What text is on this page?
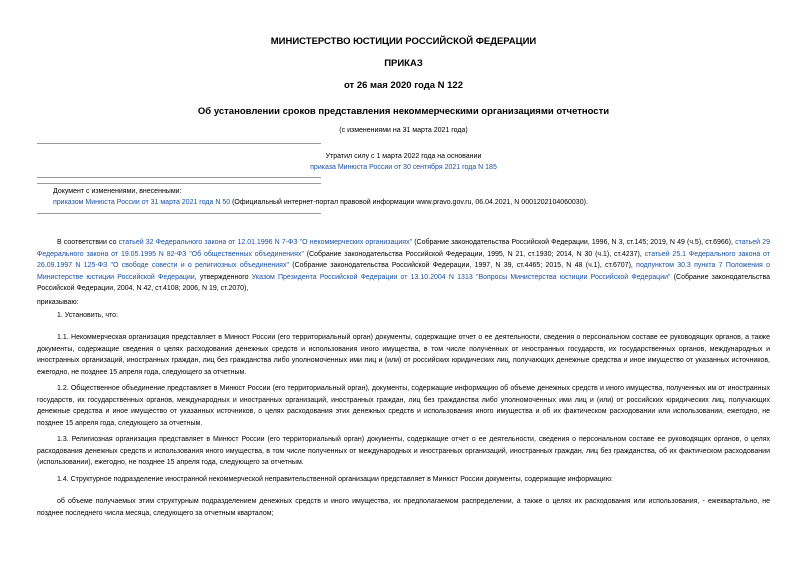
МИНИСТЕРСТВО ЮСТИЦИИ РОССИЙСКОЙ ФЕДЕРАЦИИ
ПРИКАЗ
от 26 мая 2020 года N 122
Об установлении сроков представления некоммерческими организациями отчетности
(с изменениями на 31 марта 2021 года)
Утратил силу с 1 марта 2022 года на основании
приказа Минюста России от 30 сентября 2021 года N 185
Документ с изменениями, внесенными:
приказом Минюста России от 31 марта 2021 года N 50 (Официальный интернет-портал правовой информации www.pravo.gov.ru, 06.04.2021, N 0001202104060030).
В соответствии со статьей 32 Федерального закона от 12.01.1996 N 7-ФЗ "О некоммерческих организациях" (Собрание законодательства Российской Федерации, 1996, N 3, ст.145; 2019, N 49 (ч.5), ст.6966), статьей 29 Федерального закона от 19.05.1995 N 82-ФЗ "Об общественных объединениях" (Собрание законодательства Российской Федерации, 1995, N 21, ст.1930; 2014, N 30 (ч.1), ст.4237), статьей 25.1 Федерального закона от 26.09.1997 N 125-ФЗ "О свободе совести и о религиозных объединениях" (Собрание законодательства Российской Федерации, 1997, N 39, ст.4465; 2015, N 48 (ч.1), ст.6707), подпунктом 30.3 пункта 7 Положения о Министерстве юстиции Российской Федерации, утвержденного Указом Президента Российской Федерации от 13.10.2004 N 1313 "Вопросы Министерства юстиции Российской Федерации" (Собрание законодательства Российской Федерации, 2004, N 42, ст.4108; 2006, N 19, ст.2070),
приказываю:
1. Установить, что:
1.1. Некоммерческая организация представляет в Минюст России (его территориальный орган) документы, содержащие отчет о ее деятельности, сведения о персональном составе ее руководящих органов, а также документы, содержащие сведения о целях расходования денежных средств и использования иного имущества, в том числе полученных от иностранных государств, их государственных органов, международных и иностранных организаций, иностранных граждан, лиц без гражданства либо уполномоченных ими лиц и (или) от российских юридических лиц, получающих денежные средства и иное имущество от указанных источников, ежегодно, не позднее 15 апреля года, следующего за отчетным.
1.2. Общественное объединение представляет в Минюст России (его территориальный орган), документы, содержащие информацию об объеме денежных средств и иного имущества, полученных им от иностранных государств, их государственных органов, международных и иностранных организаций, иностранных граждан, лиц без гражданства либо уполномоченных ими лиц и (или) от российских юридических лиц, получающих денежные средства и иное имущество от указанных источников, о целях расходования этих денежных средств и использования иного имущества и об их фактическом расходовании или использовании, ежегодно, не позднее 15 апреля года, следующего за отчетным.
1.3. Религиозная организация представляет в Минюст России (его территориальный орган) документы, содержащие отчет о ее деятельности, сведения о персональном составе ее руководящих органов, о целях расходования денежных средств и использования иного имущества, в том числе полученных от международных и иностранных организаций, иностранных граждан, лиц без гражданства, об их фактическом расходовании (использовании), ежегодно, не позднее 15 апреля года, следующего за отчетным.
1.4. Структурное подразделение иностранной некоммерческой неправительственной организации представляет в Минюст России документы, содержащие информацию:
об объеме получаемых этим структурным подразделением денежных средств и иного имущества, их предполагаемом распределении, а также о целях их расходования или использования, - ежеквартально, не позднее последнего числа месяца, следующего за отчетным кварталом;
